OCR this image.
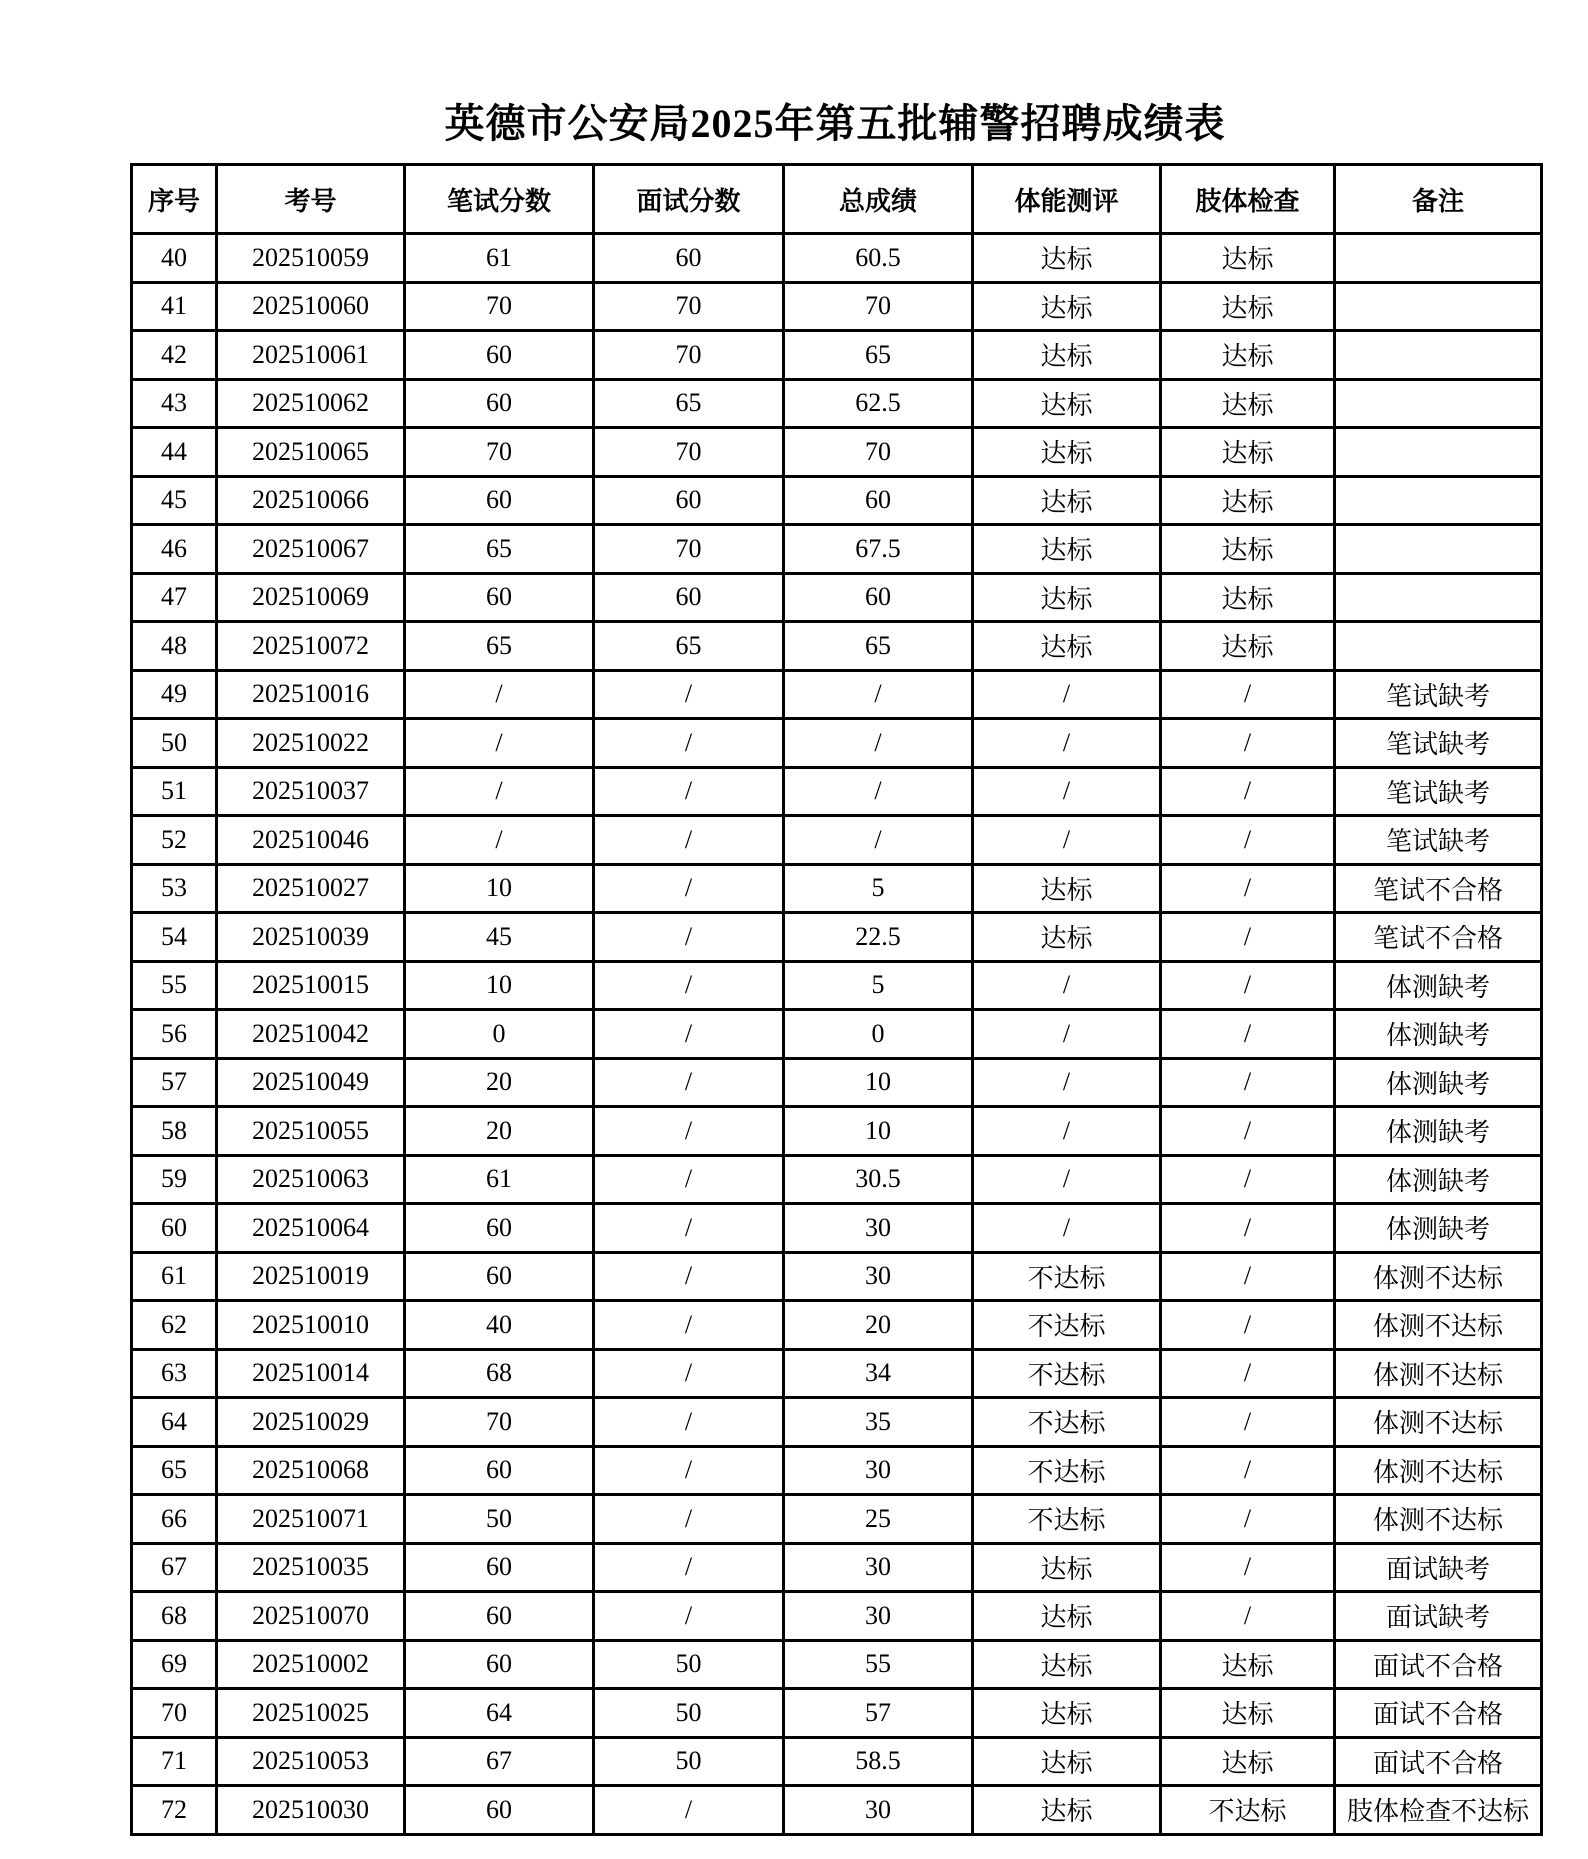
英德市公安局2025年第五批辅警招聘成绩表
序号	考号	笔试分数	面试分数	总成绩	体能测评	肢体检查	备注
40	202510059	61	60	60.5	达标	达标	
41	202510060	70	70	70	达标	达标	
42	202510061	60	70	65	达标	达标	
43	202510062	60	65	62.5	达标	达标	
44	202510065	70	70	70	达标	达标	
45	202510066	60	60	60	达标	达标	
46	202510067	65	70	67.5	达标	达标	
47	202510069	60	60	60	达标	达标	
48	202510072	65	65	65	达标	达标	
49	202510016	/	/	/	/	/	笔试缺考
50	202510022	/	/	/	/	/	笔试缺考
51	202510037	/	/	/	/	/	笔试缺考
52	202510046	/	/	/	/	/	笔试缺考
53	202510027	10	/	5	达标	/	笔试不合格
54	202510039	45	/	22.5	达标	/	笔试不合格
55	202510015	10	/	5	/	/	体测缺考
56	202510042	0	/	0	/	/	体测缺考
57	202510049	20	/	10	/	/	体测缺考
58	202510055	20	/	10	/	/	体测缺考
59	202510063	61	/	30.5	/	/	体测缺考
60	202510064	60	/	30	/	/	体测缺考
61	202510019	60	/	30	不达标	/	体测不达标
62	202510010	40	/	20	不达标	/	体测不达标
63	202510014	68	/	34	不达标	/	体测不达标
64	202510029	70	/	35	不达标	/	体测不达标
65	202510068	60	/	30	不达标	/	体测不达标
66	202510071	50	/	25	不达标	/	体测不达标
67	202510035	60	/	30	达标	/	面试缺考
68	202510070	60	/	30	达标	/	面试缺考
69	202510002	60	50	55	达标	达标	面试不合格
70	202510025	64	50	57	达标	达标	面试不合格
71	202510053	67	50	58.5	达标	达标	面试不合格
72	202510030	60	/	30	达标	不达标	肢体检查不达标
